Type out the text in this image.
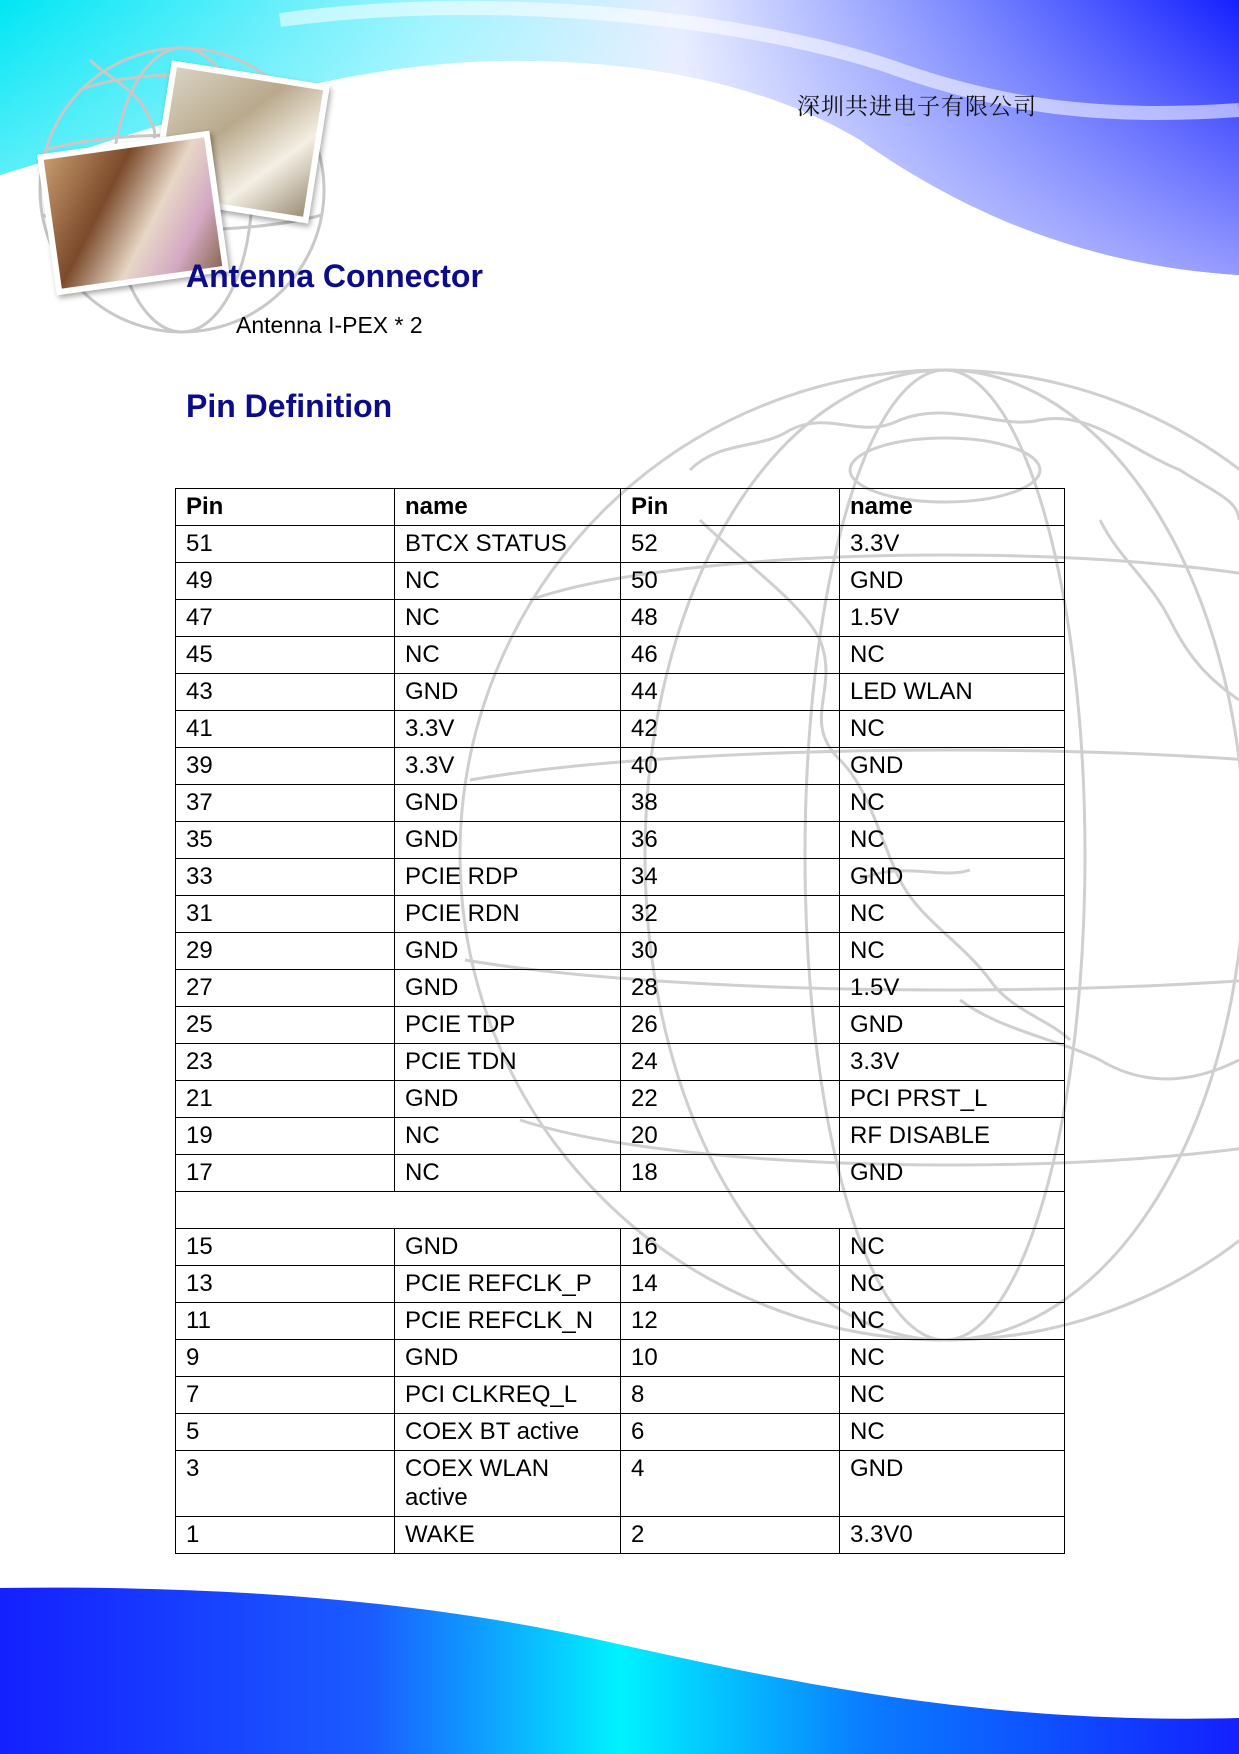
深圳共进电子有限公司
Antenna Connector
Antenna I-PEX * 2
Pin Definition
Pin	name	Pin	name
51	BTCX STATUS	52	3.3V
49	NC	50	GND
47	NC	48	1.5V
45	NC	46	NC
43	GND	44	LED WLAN
41	3.3V	42	NC
39	3.3V	40	GND
37	GND	38	NC
35	GND	36	NC
33	PCIE RDP	34	GND
31	PCIE RDN	32	NC
29	GND	30	NC
27	GND	28	1.5V
25	PCIE TDP	26	GND
23	PCIE TDN	24	3.3V
21	GND	22	PCI PRST_L
19	NC	20	RF DISABLE
17	NC	18	GND

15	GND	16	NC
13	PCIE REFCLK_P	14	NC
11	PCIE REFCLK_N	12	NC
9	GND	10	NC
7	PCI CLKREQ_L	8	NC
5	COEX BT active	6	NC
3	COEX WLAN active	4	GND
1	WAKE	2	3.3V0
